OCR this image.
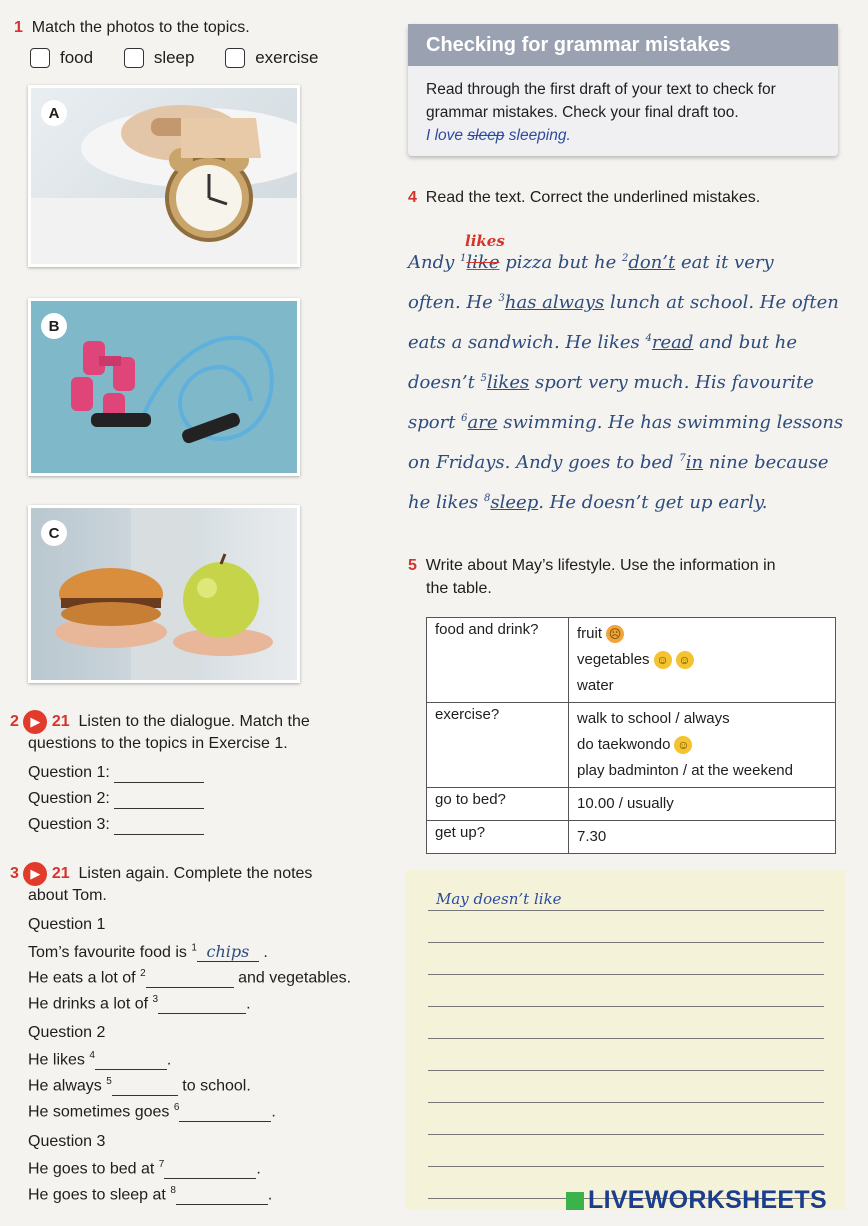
1 Match the photos to the topics.
food
	sleep
	exercise
A
B
C
2 ▶ 21 Listen to the dialogue. Match the
questions to the topics in Exercise 1.
Question 1:
Question 2:
Question 3:
3 ▶ 21 Listen again. Complete the notes
about Tom.
Question 1
Tom’s favourite food is $^1$ chips .
He eats a lot of $^2$	and vegetables.
He drinks a lot of $^3$	.
Question 2
He likes $^4$	.
He always $^5$	to school.
He sometimes goes $^6$	.
Question 3
He goes to bed at $^7$	.
He goes to sleep at $^8$	.
Checking for grammar mistakes
Read through the first draft of your text to check for
grammar mistakes. Check your final draft too.
I love sleep sleeping.
4 Read the text. Correct the underlined mistakes.
likes
Andy $^1$like pizza but he $^2$don’t eat it very
often. He $^3$has always lunch at school. He often
eats a sandwich. He likes $^4$read and but he
doesn’t $^5$likes sport very much. His favourite
sport $^6$are swimming. He has swimming lessons
on Fridays. Andy goes to bed $^7$in nine because
he likes $^8$sleep. He doesn’t get up early.
5 Write about May’s lifestyle. Use the information in
the table.
food and drink?	fruit ☹
vegetables ☺ ☺
water

exercise?	walk to school / always
do taekwondo ☺
play badminton / at the weekend

go to bed?	10.00 / usually

get up?	7.30
May doesn’t like
LIVEWORKSHEETS
